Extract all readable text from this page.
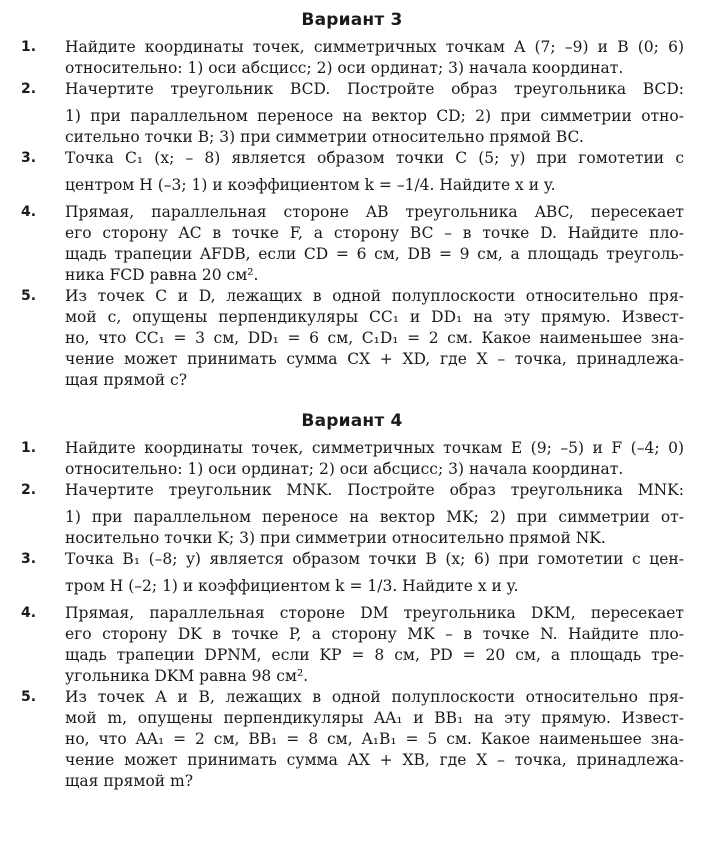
Вариант 3
1.	Найдите координаты точек, симметричных точкам A (7; –9) и B (0; 6)
относительно: 1) оси абсцисс; 2) оси ординат; 3) начала координат.
2.	Начертите треугольник BCD. Постройте образ треугольника BCD:
1) при параллельном переносе на вектор CD; 2) при симметрии отно-
сительно точки B; 3) при симметрии относительно прямой BC.
3.	Точка C₁ (x; – 8) является образом точки C (5; y) при гомотетии с
центром H (–3; 1) и коэффициентом k = –1/4. Найдите x и y.
4.	Прямая, параллельная стороне AB треугольника ABC, пересекает
его сторону AC в точке F, а сторону BC – в точке D. Найдите пло-
щадь трапеции AFDB, если CD = 6 см, DB = 9 см, а площадь треуголь-
ника FCD равна 20 см².
5.	Из точек C и D, лежащих в одной полуплоскости относительно пря-
мой c, опущены перпендикуляры CC₁ и DD₁ на эту прямую. Извест-
но, что CC₁ = 3 см, DD₁ = 6 см, C₁D₁ = 2 см. Какое наименьшее зна-
чение может принимать сумма CX + XD, где X – точка, принадлежа-
щая прямой c?
Вариант 4
1.	Найдите координаты точек, симметричных точкам E (9; –5) и F (–4; 0)
относительно: 1) оси ординат; 2) оси абсцисс; 3) начала координат.
2.	Начертите треугольник MNK. Постройте образ треугольника MNK:
1) при параллельном переносе на вектор MK; 2) при симметрии от-
носительно точки K; 3) при симметрии относительно прямой NK.
3.	Точка B₁ (–8; y) является образом точки B (x; 6) при гомотетии с цен-
тром H (–2; 1) и коэффициентом k = 1/3. Найдите x и y.
4.	Прямая, параллельная стороне DM треугольника DKM, пересекает
его сторону DK в точке P, а сторону MK – в точке N. Найдите пло-
щадь трапеции DPNM, если KP = 8 см, PD = 20 см, а площадь тре-
угольника DKM равна 98 см².
5.	Из точек A и B, лежащих в одной полуплоскости относительно пря-
мой m, опущены перпендикуляры AA₁ и BB₁ на эту прямую. Извест-
но, что AA₁ = 2 см, BB₁ = 8 см, A₁B₁ = 5 см. Какое наименьшее зна-
чение может принимать сумма AX + XB, где X – точка, принадлежа-
щая прямой m?
